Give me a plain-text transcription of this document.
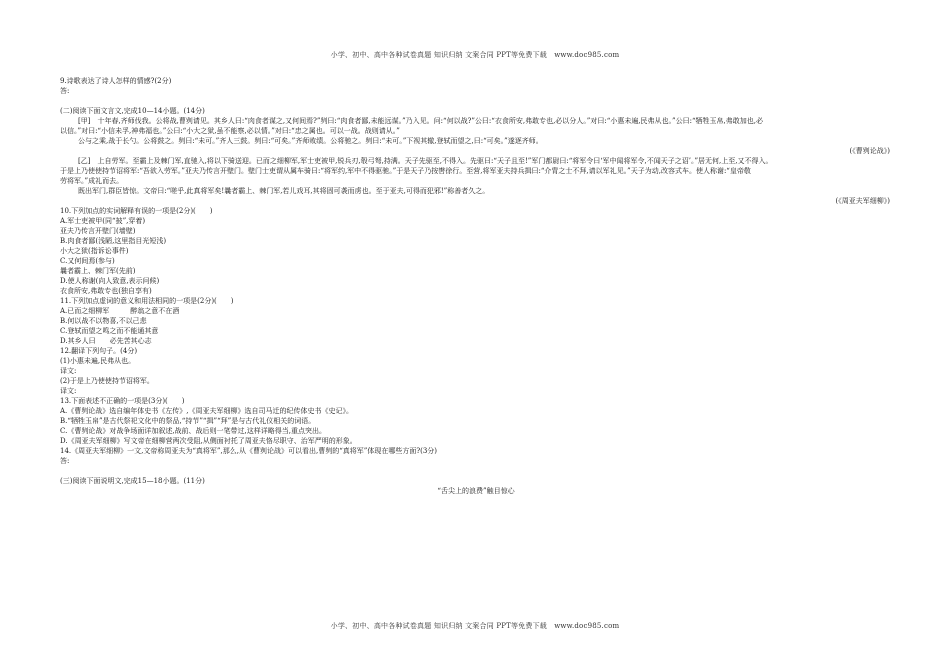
小学、初中、高中各种试卷真题 知识归纳 文案合同 PPT等免费下载　www.doc985.com
9.诗歌表达了诗人怎样的情感?(2分)
答:
(二)阅读下面文言文,完成10—14小题。(14分)
[甲]　十年春,齐师伐我。公将战,曹刿请见。其乡人曰:“肉食者谋之,又何间焉?”刿曰:“肉食者鄙,未能远谋。”乃入见。问:“何以战?”公曰:“衣食所安,弗敢专也,必以分人。”对曰:“小惠未遍,民弗从也。”公曰:“牺牲玉帛,弗敢加也,必
以信。”对曰:“小信未孚,神弗福也。”公曰:“小大之狱,虽不能察,必以情。”对曰:“忠之属也。可以一战。战则请从。”
公与之乘,战于长勺。公将鼓之。刿曰:“未可。”齐人三鼓。刿曰:“可矣。”齐师败绩。公将驰之。刿曰:“未可。”下视其辙,登轼而望之,曰:“可矣。”遂逐齐师。
(《曹刿论战》)
[乙]　上自劳军。至霸上及棘门军,直驰入,将以下骑送迎。已而之细柳军,军士吏被甲,锐兵刃,彀弓弩,持满。天子先驱至,不得入。先驱曰:“天子且至!”军门都尉曰:“将军令曰‘军中闻将军令,不闻天子之诏’。”居无何,上至,又不得入。
于是上乃使使持节诏将军:“吾欲入劳军。”亚夫乃传言开壁门。壁门士吏谓从属车骑曰:“将军约,军中不得驱驰。”于是天子乃按辔徐行。至营,将军亚夫持兵揖曰:“介胄之士不拜,请以军礼见。”天子为动,改容式车。使人称谢:“皇帝敬
劳将军。”成礼而去。
既出军门,群臣皆惊。文帝曰:“嗟乎,此真将军矣!曩者霸上、棘门军,若儿戏耳,其将固可袭而虏也。至于亚夫,可得而犯邪!”称善者久之。
(《周亚夫军细柳》)
10.下列加点的实词解释有误的一项是(2分)(　　)
A.军士吏被甲(同“披”,穿着)
亚夫乃传言开壁门(墙壁)
B.肉食者鄙(浅陋,这里指目光短浅)
小大之狱(指诉讼事件)
C.又何间焉(参与)
曩者霸上、棘门军(先前)
D.使人称谢(向人致意,表示问候)
衣食所安,弗敢专也(独自享有)
11.下列加点虚词的意义和用法相同的一项是(2分)(　　)
A.已而之细柳军　　　醉翁之意不在酒
B.何以战不以物喜,不以己悲
C.登轼而望之鸣之而不能通其意
D.其乡人曰　　必先苦其心志
12.翻译下列句子。(4分)
(1)小惠未遍,民弗从也。
译文:
(2)于是上乃使使持节诏将军。
译文:
13.下面表述不正确的一项是(3分)(　　)
A.《曹刿论战》选自编年体史书《左传》,《周亚夫军细柳》选自司马迁的纪传体史书《史记》。
B.“牺牲玉帛”是古代祭祀文化中的祭品,“持节”“揖”“拜”是与古代礼仪相关的词语。
C.《曹刿论战》对战争场面详加叙述,战前、战后则一笔带过,这样详略得当,重点突出。
D.《周亚夫军细柳》写文帝在细柳营两次受阻,从侧面衬托了周亚夫恪尽职守、治军严明的形象。
14.《周亚夫军细柳》一文,文帝称周亚夫为“真将军”,那么,从《曹刿论战》可以看出,曹刿的“真将军”体现在哪些方面?(3分)
答:
(三)阅读下面说明文,完成15—18小题。(11分)
“舌尖上的浪费”触目惊心
小学、初中、高中各种试卷真题 知识归纳 文案合同 PPT等免费下载　www.doc985.com
